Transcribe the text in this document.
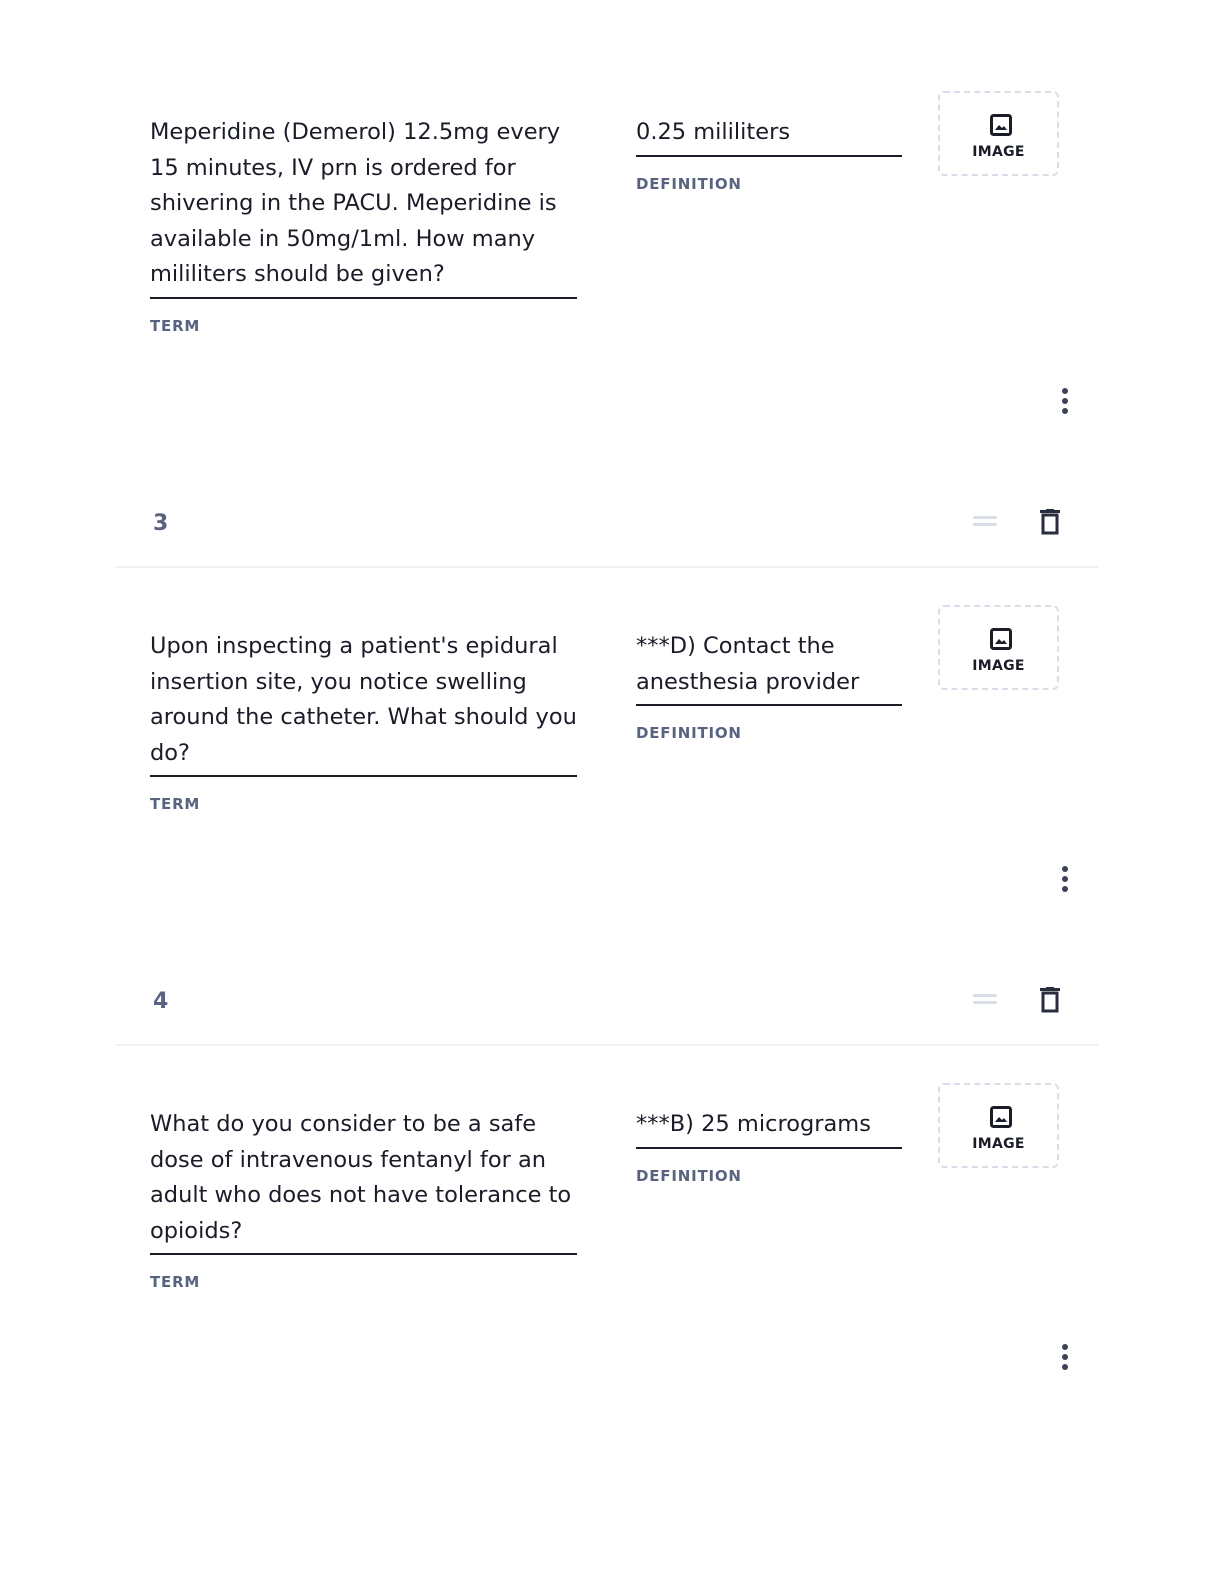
Meperidine (Demerol) 12.5mg every 15 minutes, IV prn is ordered for shivering in the PACU. Meperidine is available in 50mg/1ml. How many mililiters should be given?
TERM
0.25 mililiters
DEFINITION
IMAGE
3
Upon inspecting a patient's epidural insertion site, you notice swelling around the catheter. What should you do?
TERM
***D) Contact the anesthesia provider
DEFINITION
IMAGE
4
What do you consider to be a safe dose of intravenous fentanyl for an adult who does not have tolerance to opioids?
TERM
***B) 25 micrograms
DEFINITION
IMAGE
